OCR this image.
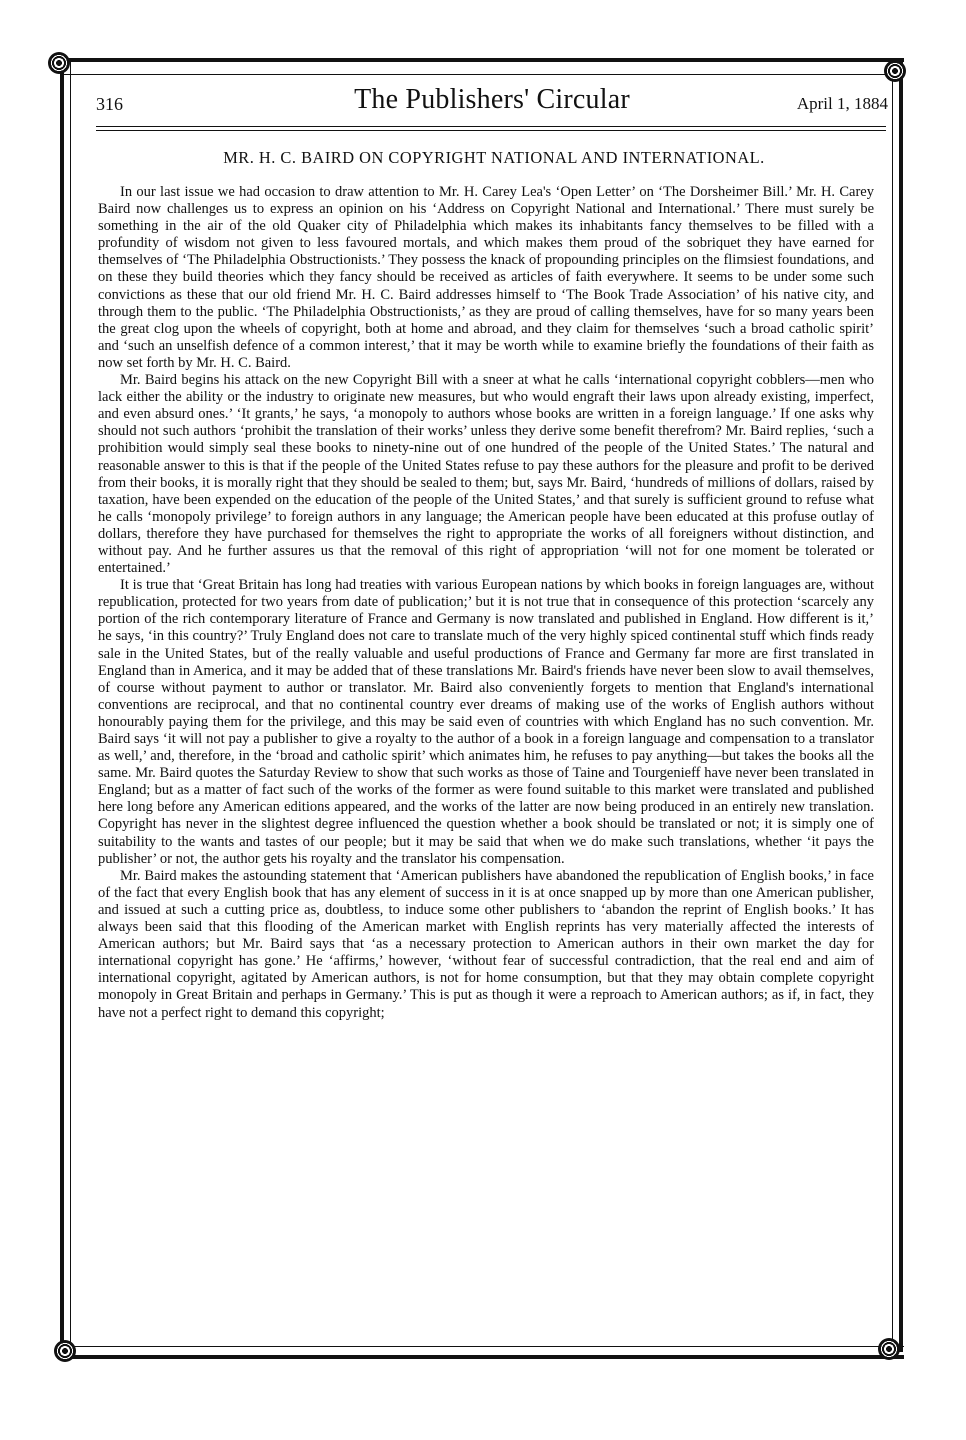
316	The Publishers' Circular	April 1, 1884
MR. H. C. BAIRD ON COPYRIGHT NATIONAL AND INTERNATIONAL.

In our last issue we had occasion to draw attention to Mr. H. Carey Lea's ‘Open Letter’ on ‘The Dorsheimer Bill.’ Mr. H. Carey Baird now challenges us to express an opinion on his ‘Address on Copyright National and International.’ There must surely be something in the air of the old Quaker city of Philadelphia which makes its inhabitants fancy themselves to be filled with a profundity of wisdom not given to less favoured mortals, and which makes them proud of the sobriquet they have earned for themselves of ‘The Philadelphia Obstructionists.’ They possess the knack of propounding principles on the flimsiest foundations, and on these they build theories which they fancy should be received as articles of faith everywhere. It seems to be under some such convictions as these that our old friend Mr. H. C. Baird addresses himself to ‘The Book Trade Association’ of his native city, and through them to the public. ‘The Philadelphia Obstructionists,’ as they are proud of calling themselves, have for so many years been the great clog upon the wheels of copyright, both at home and abroad, and they claim for themselves ‘such a broad catholic spirit’ and ‘such an unselfish defence of a common interest,’ that it may be worth while to examine briefly the foundations of their faith as now set forth by Mr. H. C. Baird.

Mr. Baird begins his attack on the new Copyright Bill with a sneer at what he calls ‘international copyright cobblers—men who lack either the ability or the industry to originate new measures, but who would engraft their laws upon already existing, imperfect, and even absurd ones.’ ‘It grants,’ he says, ‘a monopoly to authors whose books are written in a foreign language.’ If one asks why should not such authors ‘prohibit the translation of their works’ unless they derive some benefit therefrom? Mr. Baird replies, ‘such a prohibition would simply seal these books to ninety-nine out of one hundred of the people of the United States.’ The natural and reasonable answer to this is that if the people of the United States refuse to pay these authors for the pleasure and profit to be derived from their books, it is morally right that they should be sealed to them; but, says Mr. Baird, ‘hundreds of millions of dollars, raised by taxation, have been expended on the education of the people of the United States,’ and that surely is sufficient ground to refuse what he calls ‘monopoly privilege’ to foreign authors in any language; the American people have been educated at this profuse outlay of dollars, therefore they have purchased for themselves the right to appropriate the works of all foreigners without distinction, and without pay. And he further assures us that the removal of this right of appropriation ‘will not for one moment be tolerated or entertained.’

It is true that ‘Great Britain has long had treaties with various European nations by which books in foreign languages are, without republication, protected for two years from date of publication;’ but it is not true that in consequence of this protection ‘scarcely any portion of the rich contemporary literature of France and Germany is now translated and published in England. How different is it,’ he says, ‘in this country?’ Truly England does not care to translate much of the very highly spiced continental stuff which finds ready sale in the United States, but of the really valuable and useful productions of France and Germany far more are first translated in England than in America, and it may be added that of these translations Mr. Baird's friends have never been slow to avail themselves, of course without payment to author or translator. Mr. Baird also conveniently forgets to mention that England's international conventions are reciprocal, and that no continental country ever dreams of making use of the works of English authors without honourably paying them for the privilege, and this may be said even of countries with which England has no such convention. Mr. Baird says ‘it will not pay a publisher to give a royalty to the author of a book in a foreign language and compensation to a translator as well,’ and, therefore, in the ‘broad and catholic spirit’ which animates him, he refuses to pay anything—but takes the books all the same. Mr. Baird quotes the Saturday Review to show that such works as those of Taine and Tourgenieff have never been translated in England; but as a matter of fact such of the works of the former as were found suitable to this market were translated and published here long before any American editions appeared, and the works of the latter are now being produced in an entirely new translation. Copyright has never in the slightest degree influenced the question whether a book should be translated or not; it is simply one of suitability to the wants and tastes of our people; but it may be said that when we do make such translations, whether ‘it pays the publisher’ or not, the author gets his royalty and the translator his compensation.

Mr. Baird makes the astounding statement that ‘American publishers have abandoned the republication of English books,’ in face of the fact that every English book that has any element of success in it is at once snapped up by more than one American publisher, and issued at such a cutting price as, doubtless, to induce some other publishers to ‘abandon the reprint of English books.’ It has always been said that this flooding of the American market with English reprints has very materially affected the interests of American authors; but Mr. Baird says that ‘as a necessary protection to American authors in their own market the day for international copyright has gone.’ He ‘affirms,’ however, ‘without fear of successful contradiction, that the real end and aim of international copyright, agitated by American authors, is not for home consumption, but that they may obtain complete copyright monopoly in Great Britain and perhaps in Germany.’ This is put as though it were a reproach to American authors; as if, in fact, they have not a perfect right to demand this copyright;
